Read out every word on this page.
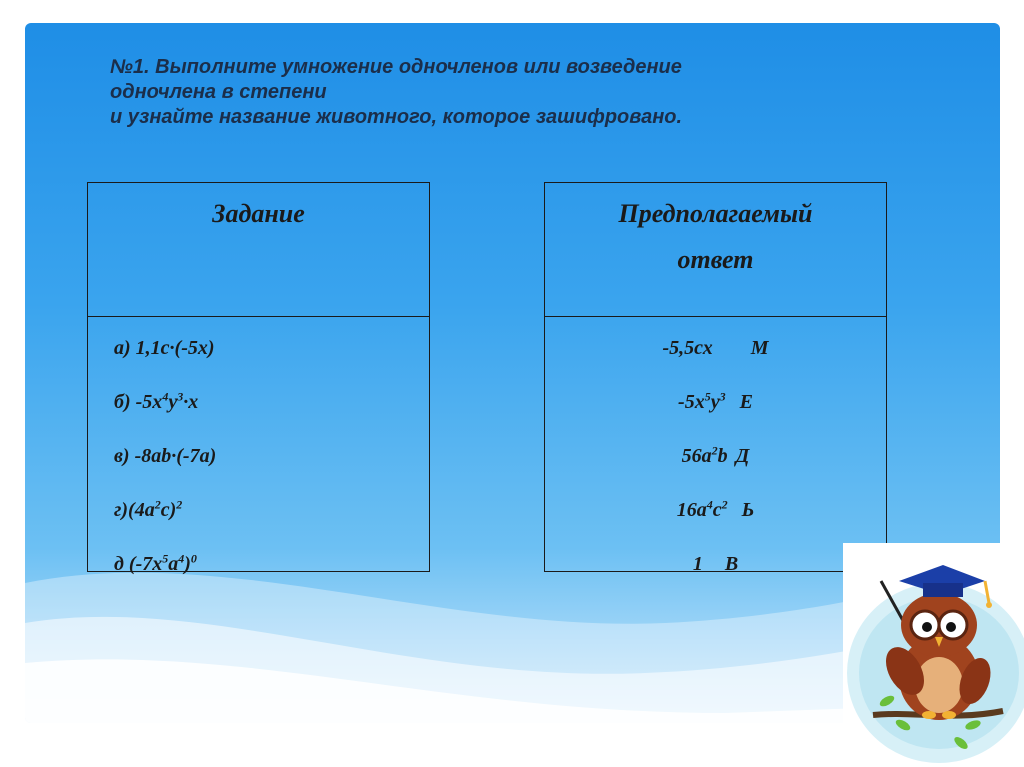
№1. Выполните умножение одночленов или возведение
одночлена в степени
и узнайте название животного, которое зашифровано.
Задание
а) 1,1с·(-5х)
б) $-5х^4у^3\cdot х$
в) -8аb·(-7а)
$г)(4а^2с)^2$
д $(-7х^5а^4)^0$
Предполагаемый
ответ
-5,5сх М
$-5х^5у^3$ Е
$56а^2b$ Д
$16а^4с^2$ Ь
1 В
